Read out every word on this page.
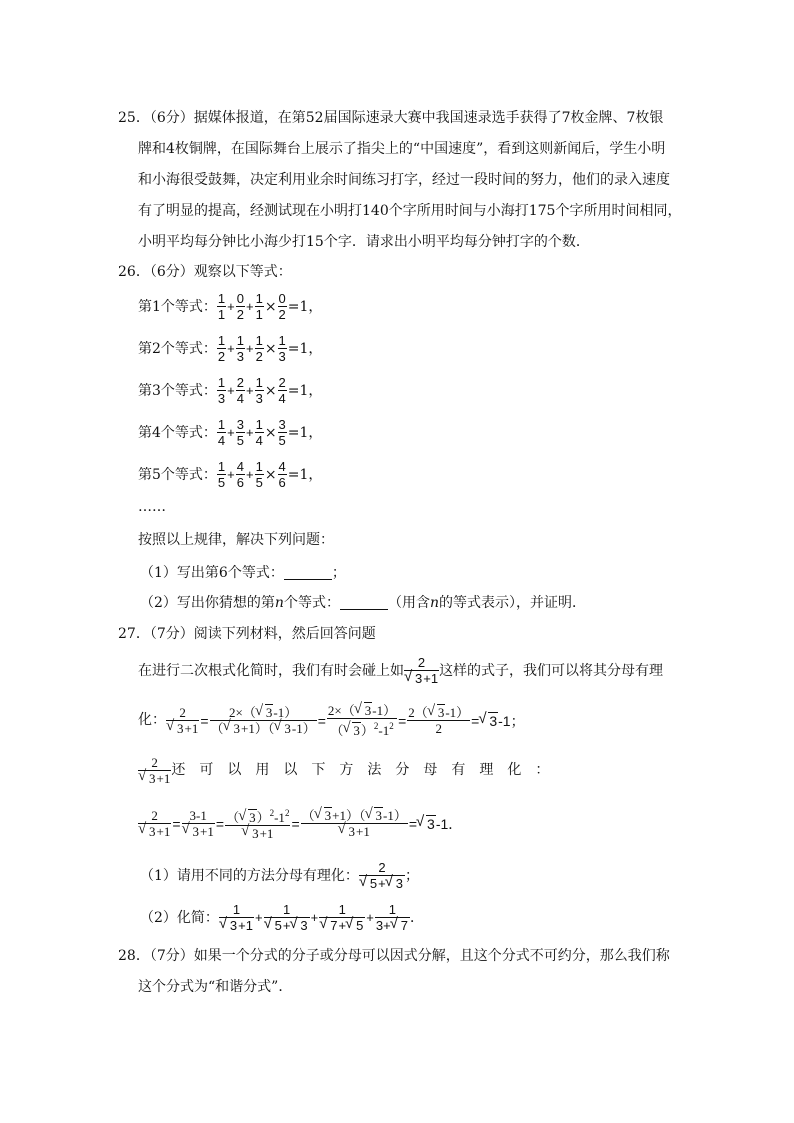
25．（6分）据媒体报道，在第52届国际速录大赛中我国速录选手获得了7枚金牌、7枚银
牌和4枚铜牌，在国际舞台上展示了指尖上的“中国速度”，看到这则新闻后，学生小明
和小海很受鼓舞，决定利用业余时间练习打字，经过一段时间的努力，他们的录入速度
有了明显的提高，经测试现在小明打140个字所用时间与小海打175个字所用时间相同，
小明平均每分钟比小海少打15个字．请求出小明平均每分钟打字的个数．
26．（6分）观察以下等式：
第1个等式： $\frac{1}{1} + \frac{0}{2} + \frac{1}{1} \times \frac{0}{2} =1$，
第2个等式： $\frac{1}{2} + \frac{1}{3} + \frac{1}{2} \times \frac{1}{3} =1$，
第3个等式： $\frac{1}{3} + \frac{2}{4} + \frac{1}{3} \times \frac{2}{4} =1$，
第4个等式： $\frac{1}{4} + \frac{3}{5} + \frac{1}{4} \times \frac{3}{5} =1$，
第5个等式： $\frac{1}{5} + \frac{4}{6} + \frac{1}{5} \times \frac{4}{6} =1$，
……
按照以上规律，解决下列问题：
（1）写出第6个等式：	；
（2）写出你猜想的第n个等式：	（用含n的等式表示），并证明．
27．（7分）阅读下列材料，然后回答问题
在进行二次根式化简时，我们有时会碰上如 2
√ 3+1 这样的式子，我们可以将其分母有理
化： 2
√ $3+1 = \frac{2\times( √ 3-1)}{( √ 3+1)( √ 3-1)} = \frac{2\times( √ 3-1)}{( √ 3)^2-1^2} = \frac{2( √ 3-1)}{2}$ = √ 3-1；
2
√ 3+1 还　可　以　用　以　下　方　法　分　母　有　理　化　：
2
√ 3+1 = 3-1
√ 3+1 = （ √ $3)^2-1^2$
√ 3+1 = （ √ 3+1）（ √ 3-1）
√ 3+1 = √ 3-1．
（1）请用不同的方法分母有理化： 2
√ 5+ √ 3 ；
（2）化简： 1
√ 3+1 + 1
√ 5+ √ 3 + 1
√ 7+ √ $5 + \frac{1}{3+ √ 7}$ ．
28．（7分）如果一个分式的分子或分母可以因式分解，且这个分式不可约分，那么我们称
这个分式为“和谐分式”．
